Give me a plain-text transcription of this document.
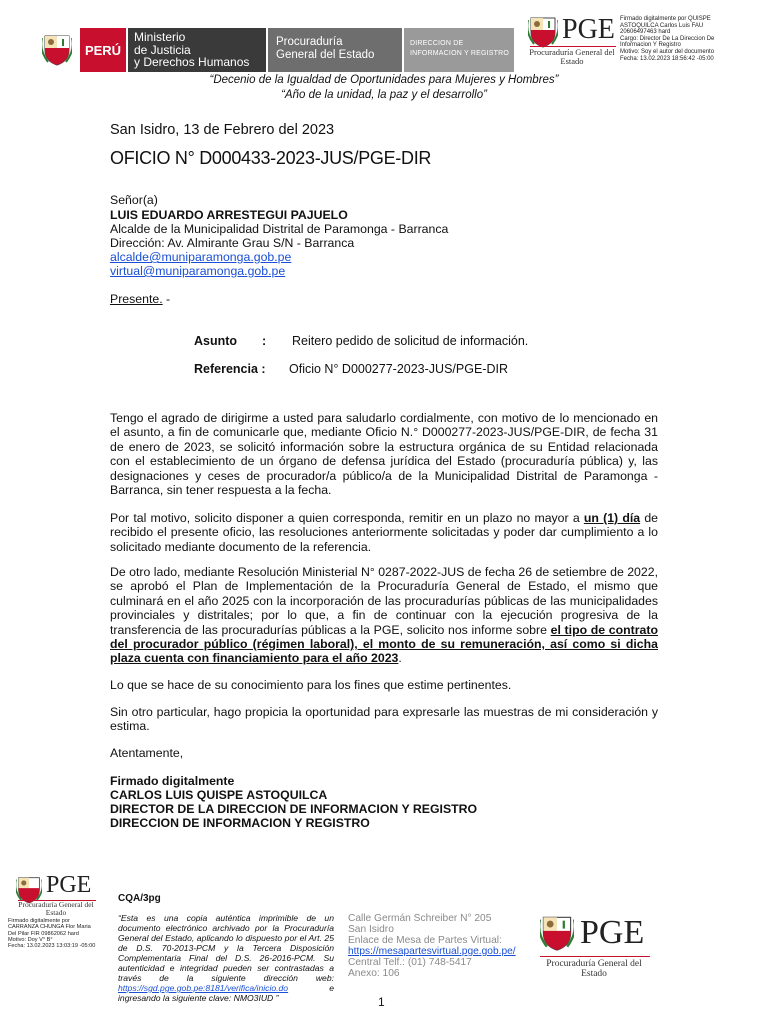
PERÚ
Ministerio
de Justicia
y Derechos Humanos
Procuraduría
General del Estado
DIRECCION DE
INFORMACION Y REGISTRO
PGE
Procuraduría General del
Estado
Firmado digitalmente por QUISPE
ASTOQUILCA Carlos Luis FAU
20606497463 hard
Cargo: Director De La Direccion De
Informacion Y Registro
Motivo: Soy el autor del documento
Fecha: 13.02.2023 18:56:42 -05:00
“Decenio de la Igualdad de Oportunidades para Mujeres y Hombres”
“Año de la unidad, la paz y el desarrollo”
San Isidro, 13 de Febrero del 2023
OFICIO N° D000433-2023-JUS/PGE-DIR
Señor(a)
LUIS EDUARDO ARRESTEGUI PAJUELO
Alcalde de la Municipalidad Distrital de Paramonga - Barranca
Dirección: Av. Almirante Grau S/N - Barranca
alcalde@muniparamonga.gob.pe
virtual@muniparamonga.gob.pe
Presente. -
Asunto : Reitero pedido de solicitud de información.
Referencia : Oficio N° D000277-2023-JUS/PGE-DIR
Tengo el agrado de dirigirme a usted para saludarlo cordialmente, con motivo de lo mencionado en el asunto, a fin de comunicarle que, mediante Oficio N.° D000277-2023-JUS/PGE-DIR, de fecha 31 de enero de 2023, se solicitó información sobre la estructura orgánica de su Entidad relacionada con el establecimiento de un órgano de defensa jurídica del Estado (procuraduría pública) y, las designaciones y ceses de procurador/a público/a de la Municipalidad Distrital de Paramonga - Barranca, sin tener respuesta a la fecha.
Por tal motivo, solicito disponer a quien corresponda, remitir en un plazo no mayor a un (1) día de recibido el presente oficio, las resoluciones anteriormente solicitadas y poder dar cumplimiento a lo solicitado mediante documento de la referencia.
De otro lado, mediante Resolución Ministerial N° 0287-2022-JUS de fecha 26 de setiembre de 2022, se aprobó el Plan de Implementación de la Procuraduría General de Estado, el mismo que culminará en el año 2025 con la incorporación de las procuradurías públicas de las municipalidades provinciales y distritales; por lo que, a fin de continuar con la ejecución progresiva de la transferencia de las procuradurías públicas a la PGE, solicito nos informe sobre el tipo de contrato del procurador público (régimen laboral), el monto de su remuneración, así como si dicha plaza cuenta con financiamiento para el año 2023.
Lo que se hace de su conocimiento para los fines que estime pertinentes.
Sin otro particular, hago propicia la oportunidad para expresarle las muestras de mi consideración y estima.
Atentamente,
Firmado digitalmente
CARLOS LUIS QUISPE ASTOQUILCA
DIRECTOR DE LA DIRECCION DE INFORMACION Y REGISTRO
DIRECCION DE INFORMACION Y REGISTRO
PGE
Procuraduría General del
Estado
Firmado digitalmente por
CARRANZA CHUNGA Flor Maria
Del Pilar FIR 09862062 hard
Motivo: Doy V° B°
Fecha: 13.02.2023 13:03:19 -05:00
CQA/3pg
“Esta es una copia auténtica imprimible de un documento electrónico archivado por la Procuraduría General del Estado, aplicando lo dispuesto por el Art. 25 de D.S. 70-2013-PCM y la Tercera Disposición Complementaria Final del D.S. 26-2016-PCM. Su autenticidad e integridad pueden ser contrastadas a través de la siguiente dirección web: https://sgd.pge.gob.pe:8181/verifica/inicio.do e ingresando la siguiente clave: NMO3IUD ”
Calle Germán Schreiber N° 205
San Isidro
Enlace de Mesa de Partes Virtual:
https://mesapartesvirtual.pge.gob.pe/
Central Telf.: (01) 748-5417
Anexo: 106
PGE
Procuraduría General del
Estado
1
